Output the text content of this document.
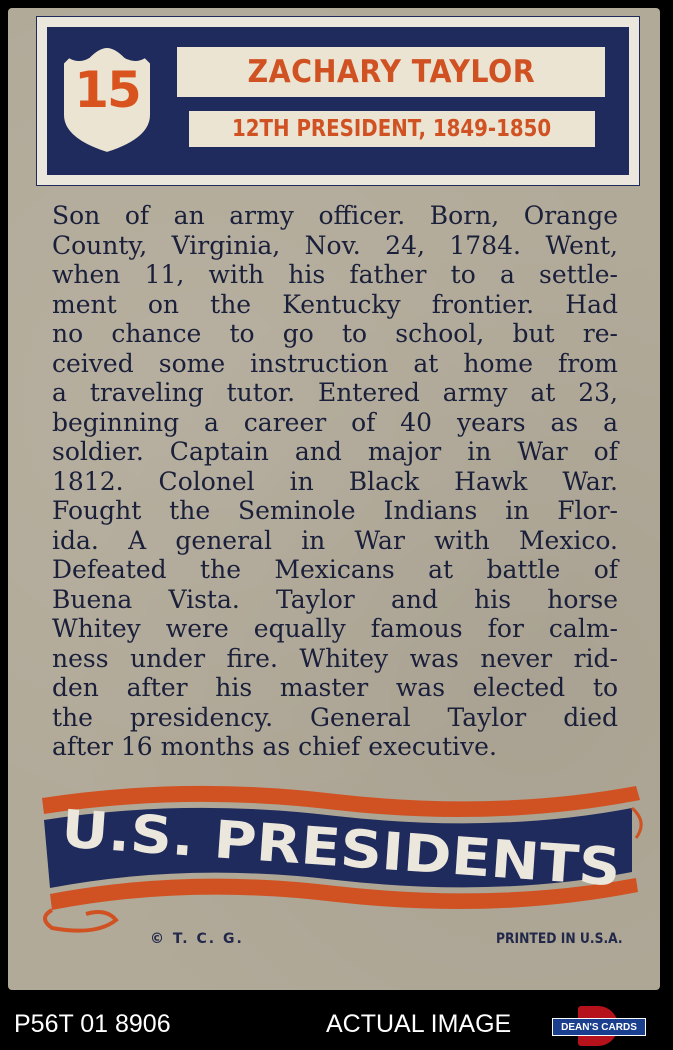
15	ZACHARY TAYLOR
12TH PRESIDENT, 1849-1850
Son of an army officer. Born, Orange
County, Virginia, Nov. 24, 1784. Went,
when 11, with his father to a settle-
ment on the Kentucky frontier. Had
no chance to go to school, but re-
ceived some instruction at home from
a traveling tutor. Entered army at 23,
beginning a career of 40 years as a
soldier. Captain and major in War of
1812. Colonel in Black Hawk War.
Fought the Seminole Indians in Flor-
ida. A general in War with Mexico.
Defeated the Mexicans at battle of
Buena Vista. Taylor and his horse
Whitey were equally famous for calm-
ness under fire. Whitey was never rid-
den after his master was elected to
the presidency. General Taylor died
after 16 months as chief executive.
U.S. PRESIDENTS
© T. C. G.	PRINTED IN U.S.A.
P56T 01 8906	ACTUAL IMAGE	DEAN'S CARDS
